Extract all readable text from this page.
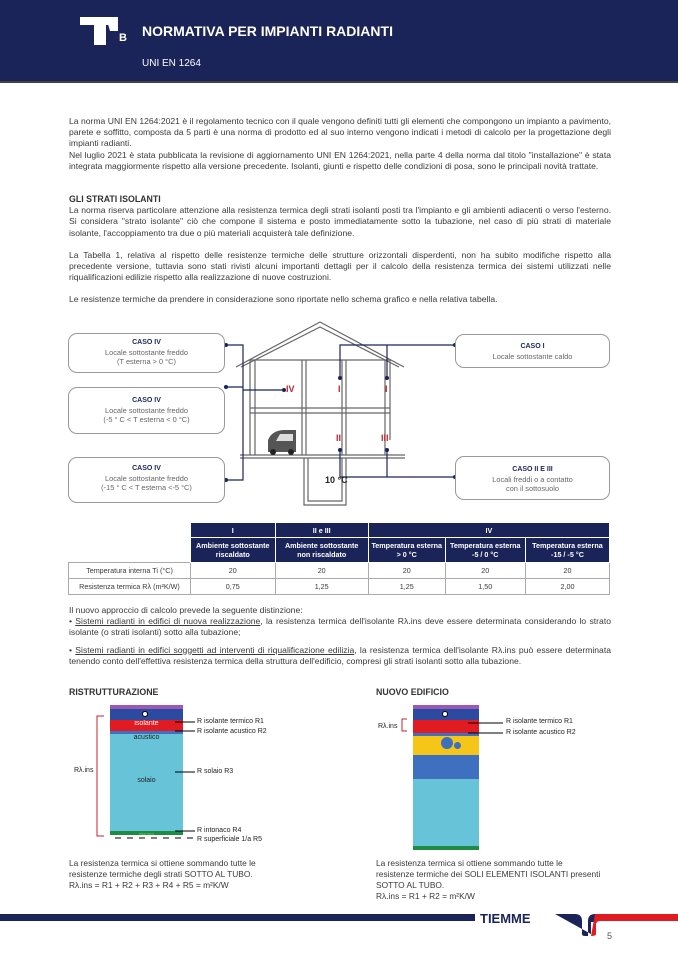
B NORMATIVA PER IMPIANTI RADIANTI
UNI EN 1264

La norma UNI EN 1264:2021 è il regolamento tecnico con il quale vengono definiti tutti gli elementi che compongono un impianto a pavimento, parete e soffitto, composta da 5 parti è una norma di prodotto ed al suo interno vengono indicati i metodi di calcolo per la progettazione degli impianti radianti.

Nel luglio 2021 è stata pubblicata la revisione di aggiornamento UNI EN 1264:2021, nella parte 4 della norma dal titolo "installazione" è stata integrata maggiormente rispetto alla versione precedente. Isolanti, giunti e rispetto delle condizioni di posa, sono le principali novità trattate.

GLI STRATI ISOLANTI

La norma riserva particolare attenzione alla resistenza termica degli strati isolanti posti tra l'impianto e gli ambienti adiacenti o verso l'esterno. Si considera "strato isolante" ciò che compone il sistema e posto immediatamente sotto la tubazione, nel caso di più strati di materiale isolante, l'accoppiamento tra due o più materiali acquisterà tale definizione.

La Tabella 1, relativa al rispetto delle resistenze termiche delle strutture orizzontali disperdenti, non ha subito modifiche rispetto alla precedente versione, tuttavia sono stati rivisti alcuni importanti dettagli per il calcolo della resistenza termica dei sistemi utilizzati nelle riqualificazioni edilizie rispetto alla realizzazione di nuove costruzioni.

Le resistenze termiche da prendere in considerazione sono riportate nello schema grafico e nella relativa tabella.

IV	I	I
II	III
10 °C
CASO IV
Locale sottostante freddo
(T esterna > 0 °C)
CASO IV
Locale sottostante freddo
(-5 ° C < T esterna < 0 °C)
CASO IV
Locale sottostante freddo
(-15 ° C < T esterna <-5 °C)
CASO I
Locale sottostante caldo
CASO II E III
Locali freddi o a contatto
con il sottosuolo
	I	II e III	IV		
	Ambiente sottostante riscaldato	Ambiente sottostante non riscaldato	Temperatura esterna > 0 °C	Temperatura esterna -5 / 0 °C	Temperatura esterna -15 / -5 °C
Temperatura interna Ti (°C)	20	20	20	20	20
Resistenza termica Rλ (m²K/W)	0,75	1,25	1,25	1,50	2,00

Il nuovo approccio di calcolo prevede la seguente distinzione:

• Sistemi radianti in edifici di nuova realizzazione, la resistenza termica dell'isolante Rλ.ins deve essere determinata considerando lo strato isolante (o strati isolanti) sotto alla tubazione;

• Sistemi radianti in edifici soggetti ad interventi di riqualificazione edilizia, la resistenza termica dell'isolante Rλ.ins può essere determinata tenendo conto dell'effettiva resistenza termica della struttura dell'edificio, compresi gli strati isolanti sotto alla tubazione.

RISTRUTTURAZIONE
isolante
acustico
solaio
intonaco
Rλ.ins
R isolante termico R1
R isolante acustico R2
R solaio R3
R intonaco R4
R superficiale 1/a R5
La resistenza termica si ottiene sommando tutte le
resistenze termiche degli strati SOTTO AL TUBO.
Rλ.ins = R1 + R2 + R3 + R4 + R5 = m²K/W
NUOVO EDIFICIO
Rλ.ins
R isolante termico R1
R isolante acustico R2
La resistenza termica si ottiene sommando tutte le
resistenze termiche dei SOLI ELEMENTI ISOLANTI presenti
SOTTO AL TUBO.
Rλ.ins = R1 + R2 = m²K/W
TIEMME
5
